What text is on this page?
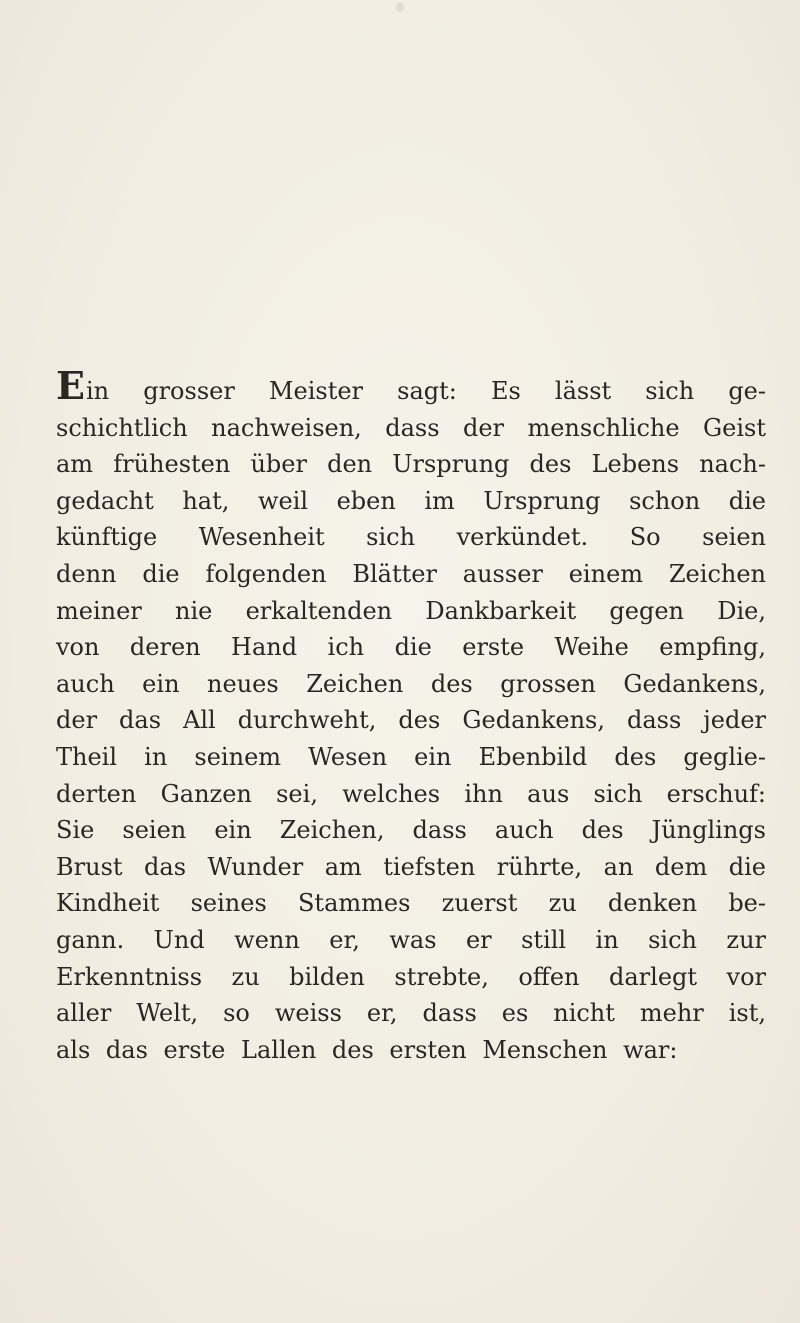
Ein grosser Meister sagt: Es lässt sich ge-
schichtlich nachweisen, dass der menschliche Geist
am frühesten über den Ursprung des Lebens nach-
gedacht hat, weil eben im Ursprung schon die
künftige Wesenheit sich verkündet. So seien
denn die folgenden Blätter ausser einem Zeichen
meiner nie erkaltenden Dankbarkeit gegen Die,
von deren Hand ich die erste Weihe empfing,
auch ein neues Zeichen des grossen Gedankens,
der das All durchweht, des Gedankens, dass jeder
Theil in seinem Wesen ein Ebenbild des geglie-
derten Ganzen sei, welches ihn aus sich erschuf:
Sie seien ein Zeichen, dass auch des Jünglings
Brust das Wunder am tiefsten rührte, an dem die
Kindheit seines Stammes zuerst zu denken be-
gann. Und wenn er, was er still in sich zur
Erkenntniss zu bilden strebte, offen darlegt vor
aller Welt, so weiss er, dass es nicht mehr ist,
als das erste Lallen des ersten Menschen war:
